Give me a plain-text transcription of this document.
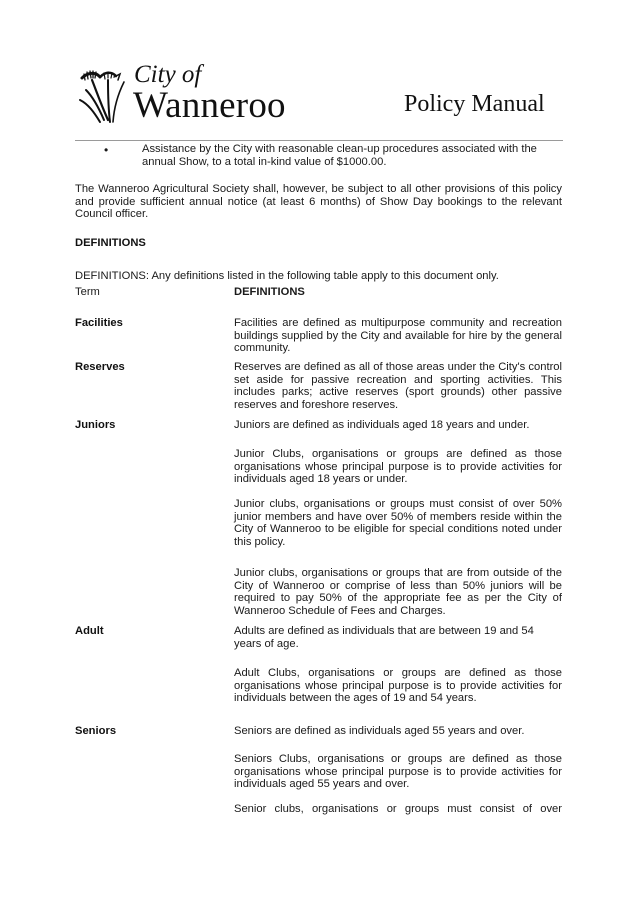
City of
Wanneroo	Policy Manual
•	Assistance by the City with reasonable clean-up procedures associated with the annual Show, to a total in-kind value of $1000.00.
The Wanneroo Agricultural Society shall, however, be subject to all other provisions of this policy and provide sufficient annual notice (at least 6 months) of Show Day bookings to the relevant Council officer.
DEFINITIONS
DEFINITIONS: Any definitions listed in the following table apply to this document only.
Term	DEFINITIONS
Facilities	Facilities are defined as multipurpose community and recreation buildings supplied by the City and available for hire by the general community.
Reserves	Reserves are defined as all of those areas under the City's control set aside for passive recreation and sporting activities. This includes parks; active reserves (sport grounds) other passive reserves and foreshore reserves.
Juniors	Juniors are defined as individuals aged 18 years and under.
Junior Clubs, organisations or groups are defined as those organisations whose principal purpose is to provide activities for individuals aged 18 years or under.
Junior clubs, organisations or groups must consist of over 50% junior members and have over 50% of members reside within the City of Wanneroo to be eligible for special conditions noted under this policy.
Junior clubs, organisations or groups that are from outside of the City of Wanneroo or comprise of less than 50% juniors will be required to pay 50% of the appropriate fee as per the City of Wanneroo Schedule of Fees and Charges.
Adult	Adults are defined as individuals that are between 19 and 54 years of age.
Adult Clubs, organisations or groups are defined as those organisations whose principal purpose is to provide activities for individuals between the ages of 19 and 54 years.
Seniors	Seniors are defined as individuals aged 55 years and over.
Seniors Clubs, organisations or groups are defined as those organisations whose principal purpose is to provide activities for individuals aged 55 years and over.
Senior clubs, organisations or groups must consist of over
